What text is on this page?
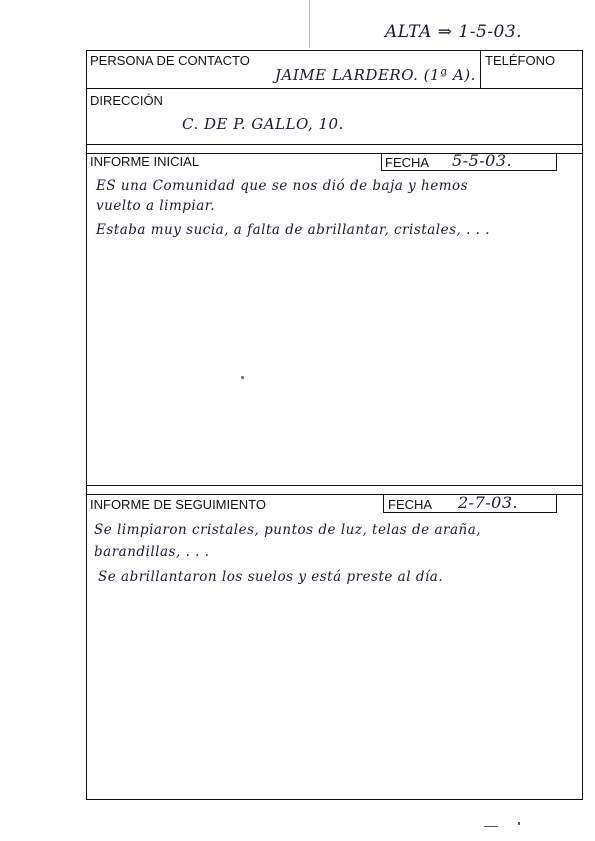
ALTA ⇒ 1-5-03.
PERSONA DE CONTACTO
JAIME LARDERO. (1ª A).
TELÉFONO
DIRECCIÓN
C. DE P. GALLO, 10.
INFORME INICIAL	FECHA 5-5-03.
ES una Comunidad que se nos dió de baja y hemos
vuelto a limpiar.
Estaba muy sucia, a falta de abrillantar, cristales, . . .
INFORME DE SEGUIMIENTO	FECHA 2-7-03.
Se limpiaron cristales, puntos de luz, telas de araña,
barandillas, . . .
Se abrillantaron los suelos y está preste al día.
